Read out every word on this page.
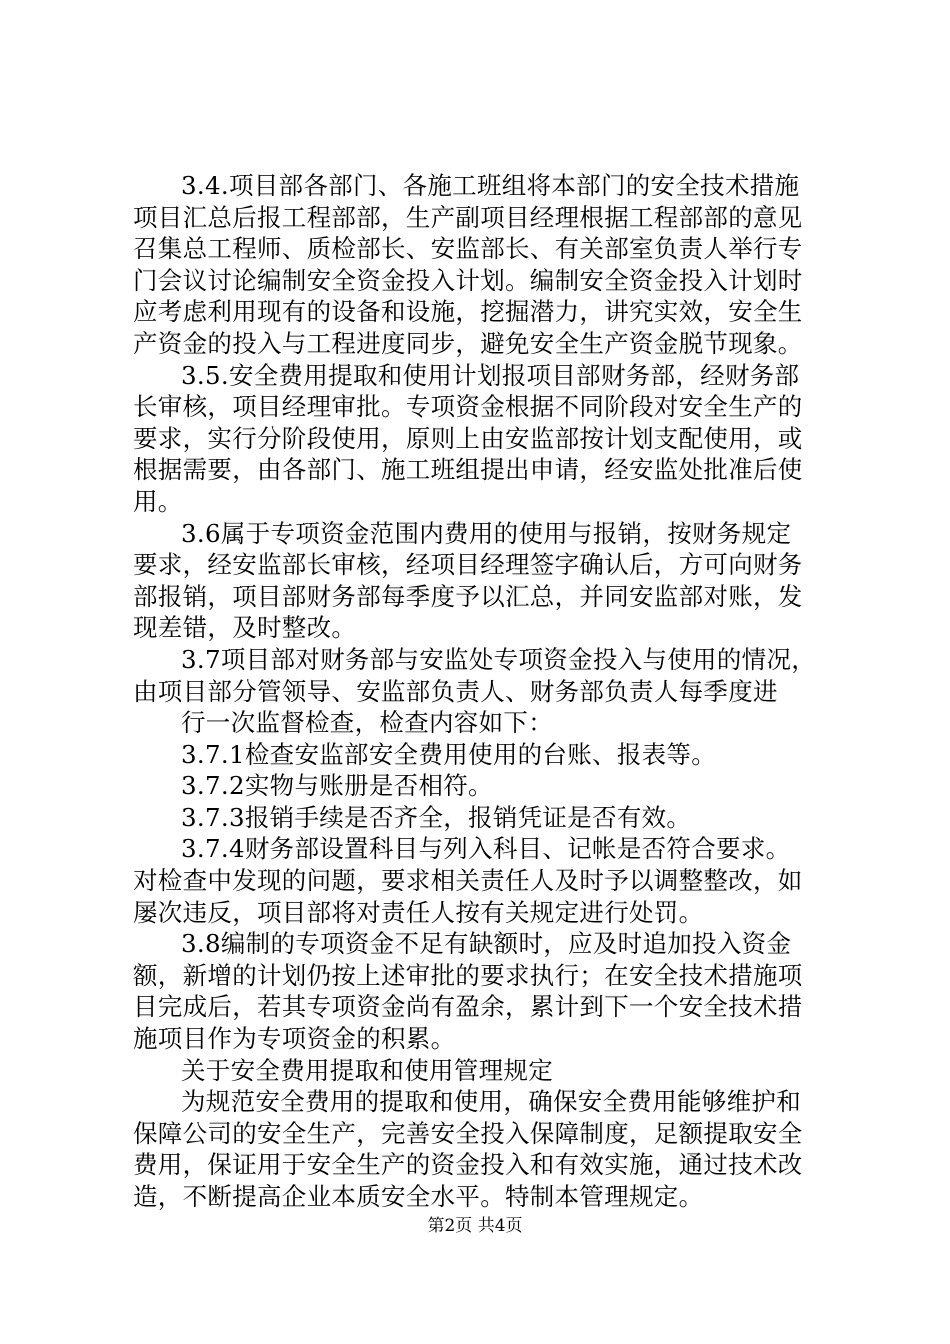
3.4.项目部各部门、各施工班组将本部门的安全技术措施
项目汇总后报工程部部，生产副项目经理根据工程部部的意见
召集总工程师、质检部长、安监部长、有关部室负责人举行专
门会议讨论编制安全资金投入计划。编制安全资金投入计划时
应考虑利用现有的设备和设施，挖掘潜力，讲究实效，安全生
产资金的投入与工程进度同步，避免安全生产资金脱节现象。
3.5.安全费用提取和使用计划报项目部财务部，经财务部
长审核，项目经理审批。专项资金根据不同阶段对安全生产的
要求，实行分阶段使用，原则上由安监部按计划支配使用，或
根据需要，由各部门、施工班组提出申请，经安监处批准后使
用。
3.6属于专项资金范围内费用的使用与报销，按财务规定
要求，经安监部长审核，经项目经理签字确认后，方可向财务
部报销，项目部财务部每季度予以汇总，并同安监部对账，发
现差错，及时整改。
3.7项目部对财务部与安监处专项资金投入与使用的情况，
由项目部分管领导、安监部负责人、财务部负责人每季度进
行一次监督检查，检查内容如下：
3.7.1检查安监部安全费用使用的台账、报表等。
3.7.2实物与账册是否相符。
3.7.3报销手续是否齐全，报销凭证是否有效。
3.7.4财务部设置科目与列入科目、记帐是否符合要求。
对检查中发现的问题，要求相关责任人及时予以调整整改，如
屡次违反，项目部将对责任人按有关规定进行处罚。
3.8编制的专项资金不足有缺额时，应及时追加投入资金
额，新增的计划仍按上述审批的要求执行；在安全技术措施项
目完成后，若其专项资金尚有盈余，累计到下一个安全技术措
施项目作为专项资金的积累。
关于安全费用提取和使用管理规定
为规范安全费用的提取和使用，确保安全费用能够维护和
保障公司的安全生产，完善安全投入保障制度，足额提取安全
费用，保证用于安全生产的资金投入和有效实施，通过技术改
造，不断提高企业本质安全水平。特制本管理规定。
第2页 共4页
